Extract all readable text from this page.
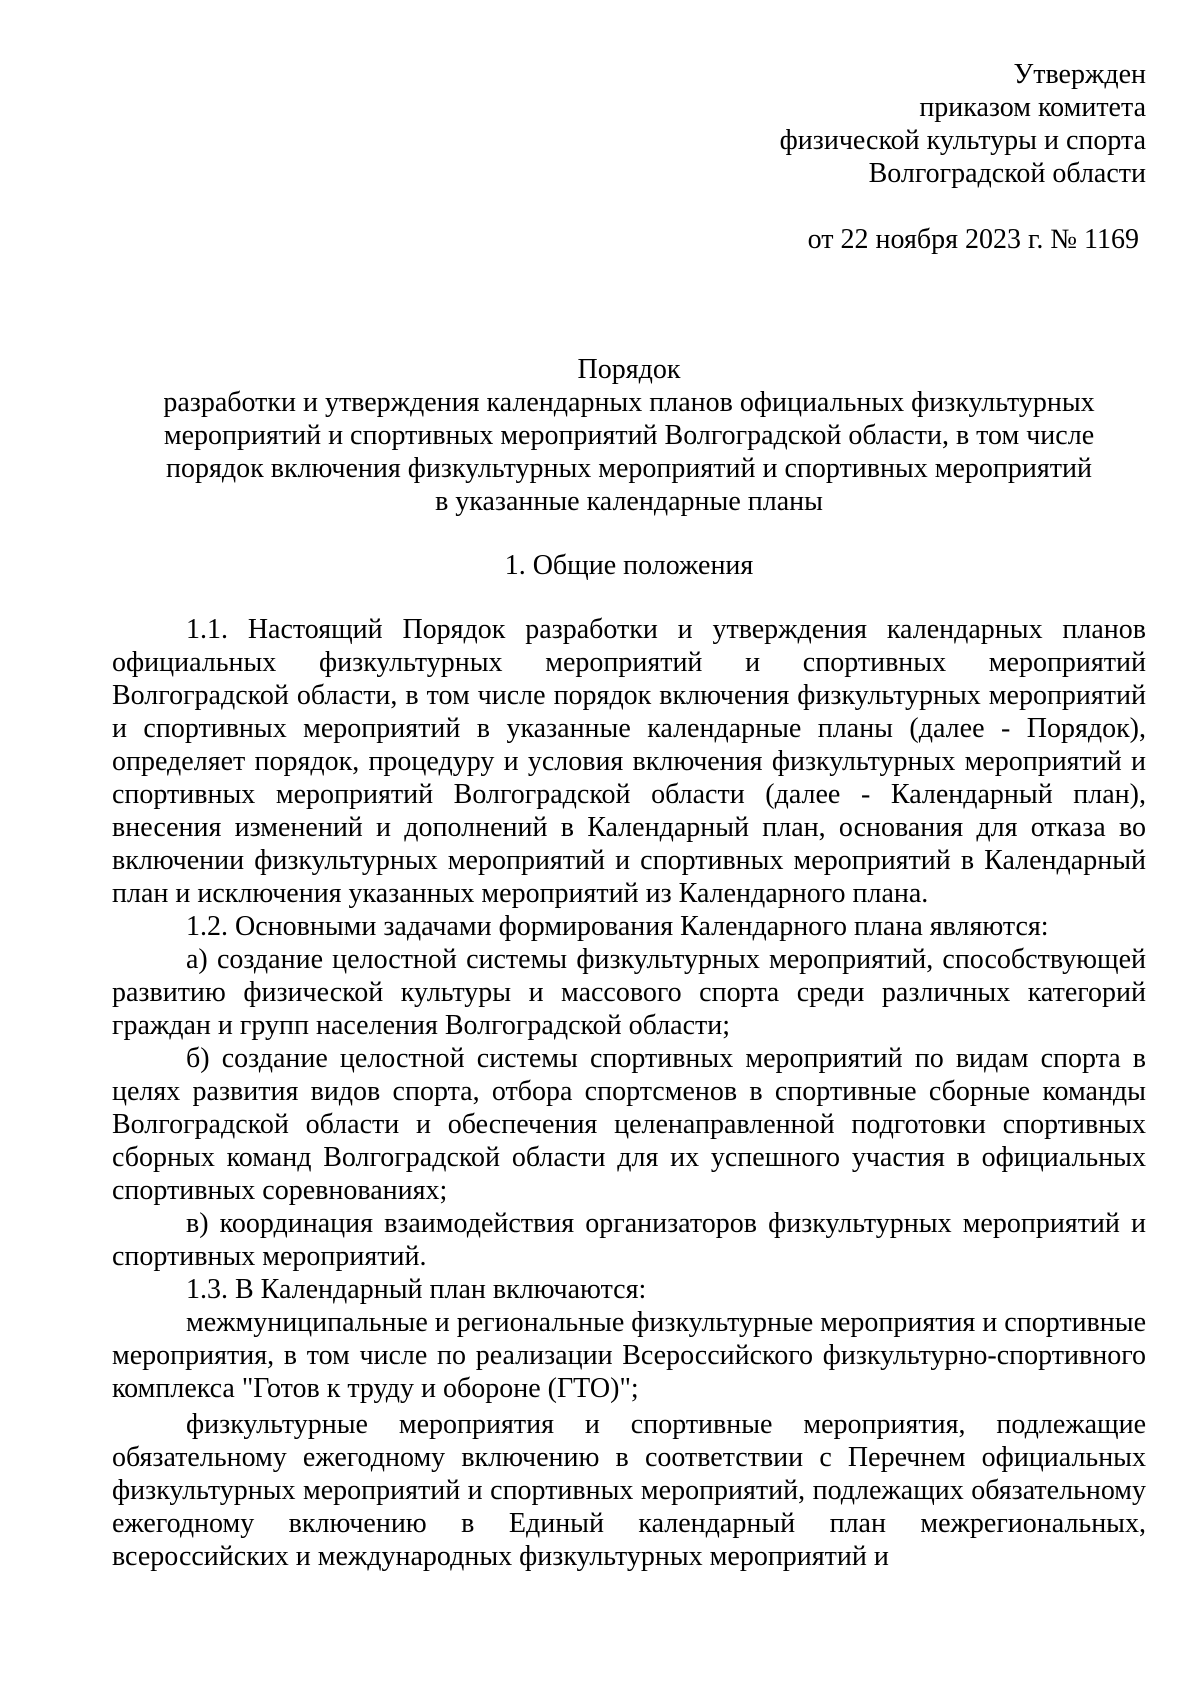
Утвержден
приказом комитета
физической культуры и спорта
Волгоградской области
от 22 ноября 2023 г. № 1169
Порядок
разработки и утверждения календарных планов официальных физкультурных
мероприятий и спортивных мероприятий Волгоградской области, в том числе
порядок включения физкультурных мероприятий и спортивных мероприятий
в указанные календарные планы
1. Общие положения

1.1. Настоящий Порядок разработки и утверждения календарных планов официальных физкультурных мероприятий и спортивных мероприятий Волгоградской области, в том числе порядок включения физкультурных мероприятий и спортивных мероприятий в указанные календарные планы (далее - Порядок), определяет порядок, процедуру и условия включения физкультурных мероприятий и спортивных мероприятий Волгоградской области (далее - Календарный план), внесения изменений и дополнений в Календарный план, основания для отказа во включении физкультурных мероприятий и спортивных мероприятий в Календарный план и исключения указанных мероприятий из Календарного плана.

1.2. Основными задачами формирования Календарного плана являются:

а) создание целостной системы физкультурных мероприятий, способствующей развитию физической культуры и массового спорта среди различных категорий граждан и групп населения Волгоградской области;

б) создание целостной системы спортивных мероприятий по видам спорта в целях развития видов спорта, отбора спортсменов в спортивные сборные команды Волгоградской области и обеспечения целенаправленной подготовки спортивных сборных команд Волгоградской области для их успешного участия в официальных спортивных соревнованиях;

в) координация взаимодействия организаторов физкультурных мероприятий и спортивных мероприятий.

1.3. В Календарный план включаются:

межмуниципальные и региональные физкультурные мероприятия и спортивные мероприятия, в том числе по реализации Всероссийского физкультурно-спортивного комплекса "Готов к труду и обороне (ГТО)";

физкультурные мероприятия и спортивные мероприятия, подлежащие обязательному ежегодному включению в соответствии с Перечнем официальных физкультурных мероприятий и спортивных мероприятий, подлежащих обязательному ежегодному включению в Единый календарный план межрегиональных, всероссийских и международных физкультурных мероприятий и
